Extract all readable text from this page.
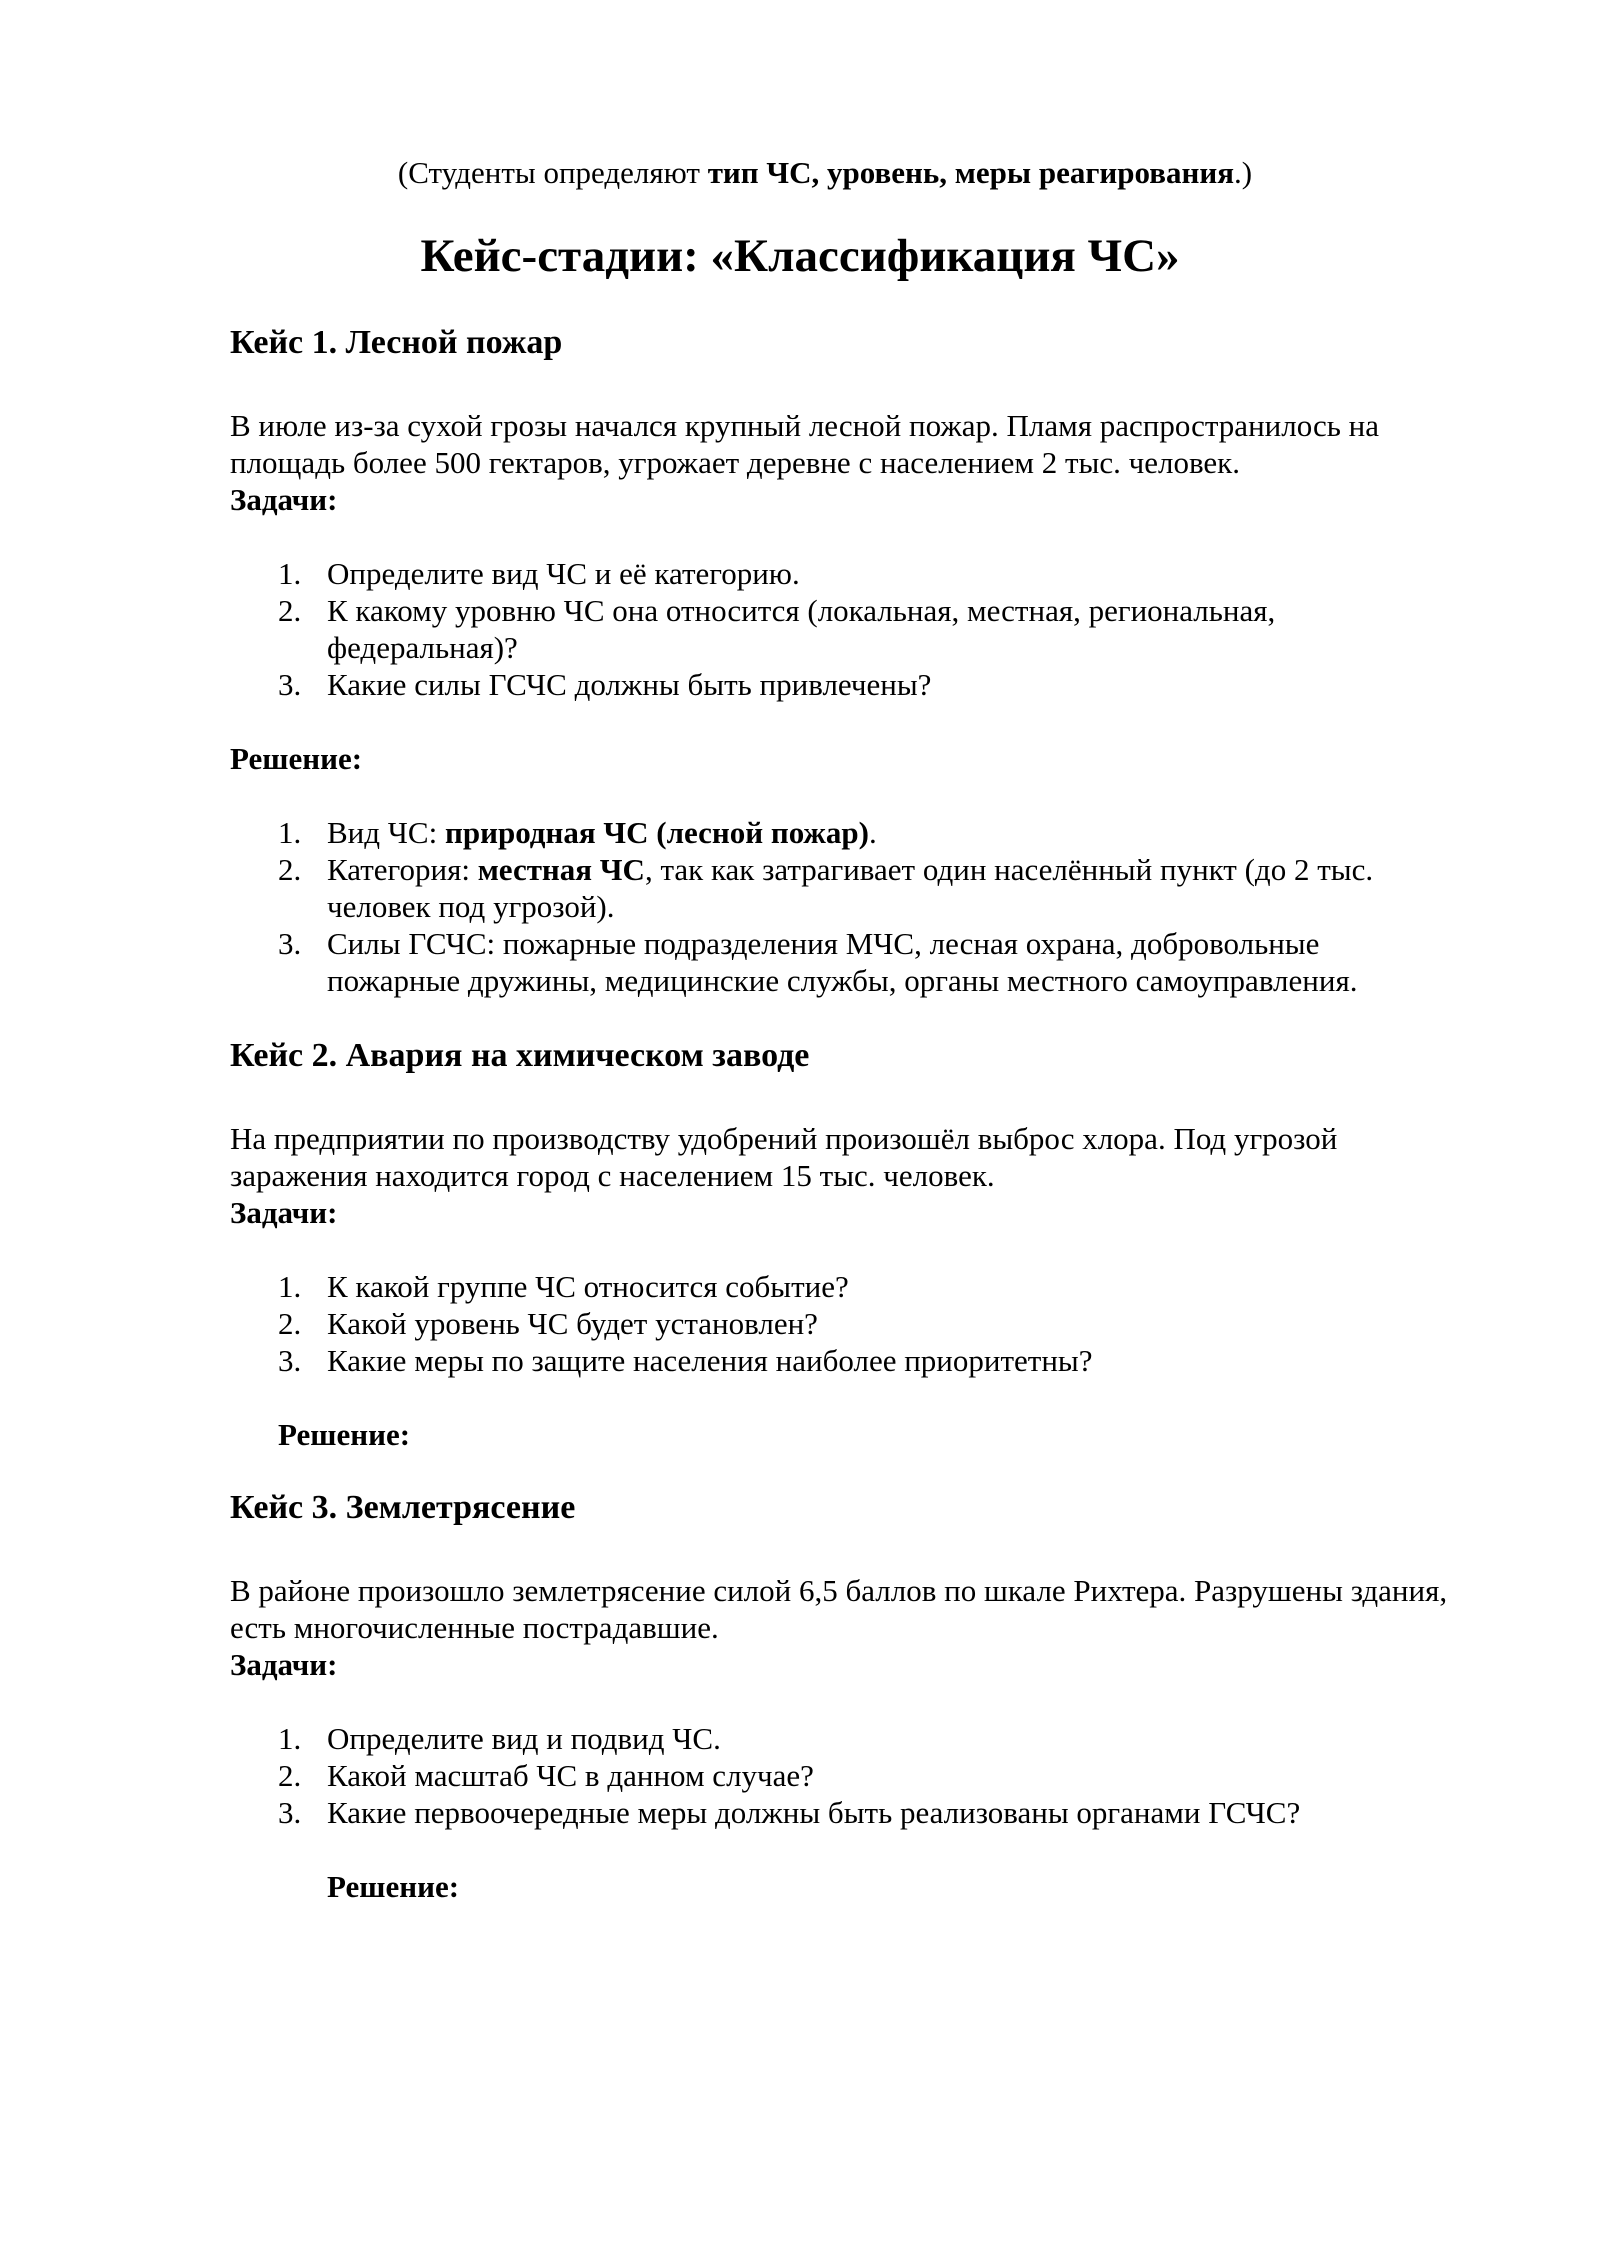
(Студенты определяют тип ЧС, уровень, меры реагирования.)
Кейс-стадии: «Классификация ЧС»
Кейс 1. Лесной пожар

В июле из-за сухой грозы начался крупный лесной пожар. Пламя распространилось на площадь более 500 гектаров, угрожает деревне с населением 2 тыс. человек.

Задачи:

1. Определите вид ЧС и её категорию.
2. К какому уровню ЧС она относится (локальная, местная, региональная, федеральная)?
3. Какие силы ГСЧС должны быть привлечены?

Решение:

1. Вид ЧС: природная ЧС (лесной пожар).
2. Категория: местная ЧС, так как затрагивает один населённый пункт (до 2 тыс. человек под угрозой).
3. Силы ГСЧС: пожарные подразделения МЧС, лесная охрана, добровольные пожарные дружины, медицинские службы, органы местного самоуправления.
Кейс 2. Авария на химическом заводе

На предприятии по производству удобрений произошёл выброс хлора. Под угрозой заражения находится город с населением 15 тыс. человек.

Задачи:

1. К какой группе ЧС относится событие?
2. Какой уровень ЧС будет установлен?
3. Какие меры по защите населения наиболее приоритетны?

Решение:

Кейс 3. Землетрясение

В районе произошло землетрясение силой 6,5 баллов по шкале Рихтера. Разрушены здания, есть многочисленные пострадавшие.

Задачи:

1. Определите вид и подвид ЧС.
2. Какой масштаб ЧС в данном случае?
3. Какие первоочередные меры должны быть реализованы органами ГСЧС?

Решение:
